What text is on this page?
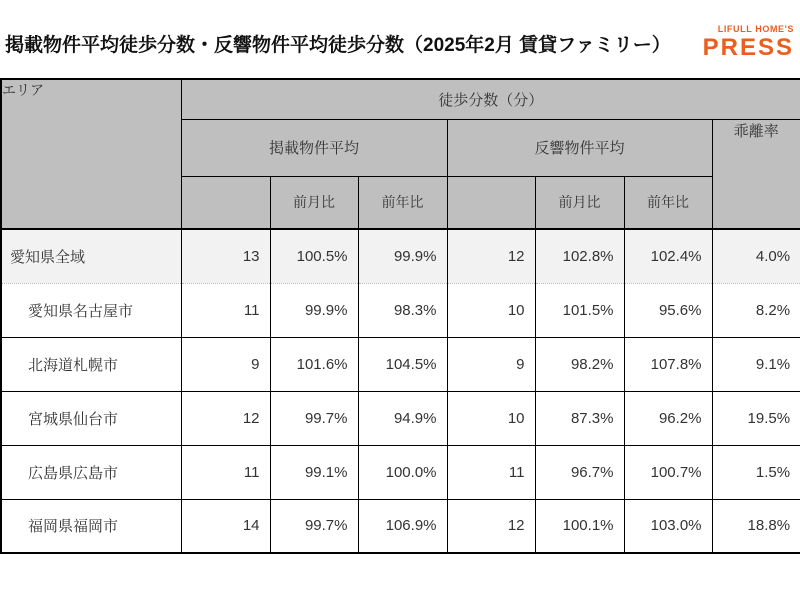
掲載物件平均徒歩分数・反響物件平均徒歩分数（2025年2月 賃貸ファミリー）
LIFULL HOME'S
PRESS
エリア	徒歩分数（分）						
	掲載物件平均			反響物件平均			乖離率
		前月比	前年比		前月比	前年比	
愛知県全域	13	100.5%	99.9%	12	102.8%	102.4%	4.0%
愛知県名古屋市	11	99.9%	98.3%	10	101.5%	95.6%	8.2%
北海道札幌市	9	101.6%	104.5%	9	98.2%	107.8%	9.1%
宮城県仙台市	12	99.7%	94.9%	10	87.3%	96.2%	19.5%
広島県広島市	11	99.1%	100.0%	11	96.7%	100.7%	1.5%
福岡県福岡市	14	99.7%	106.9%	12	100.1%	103.0%	18.8%
